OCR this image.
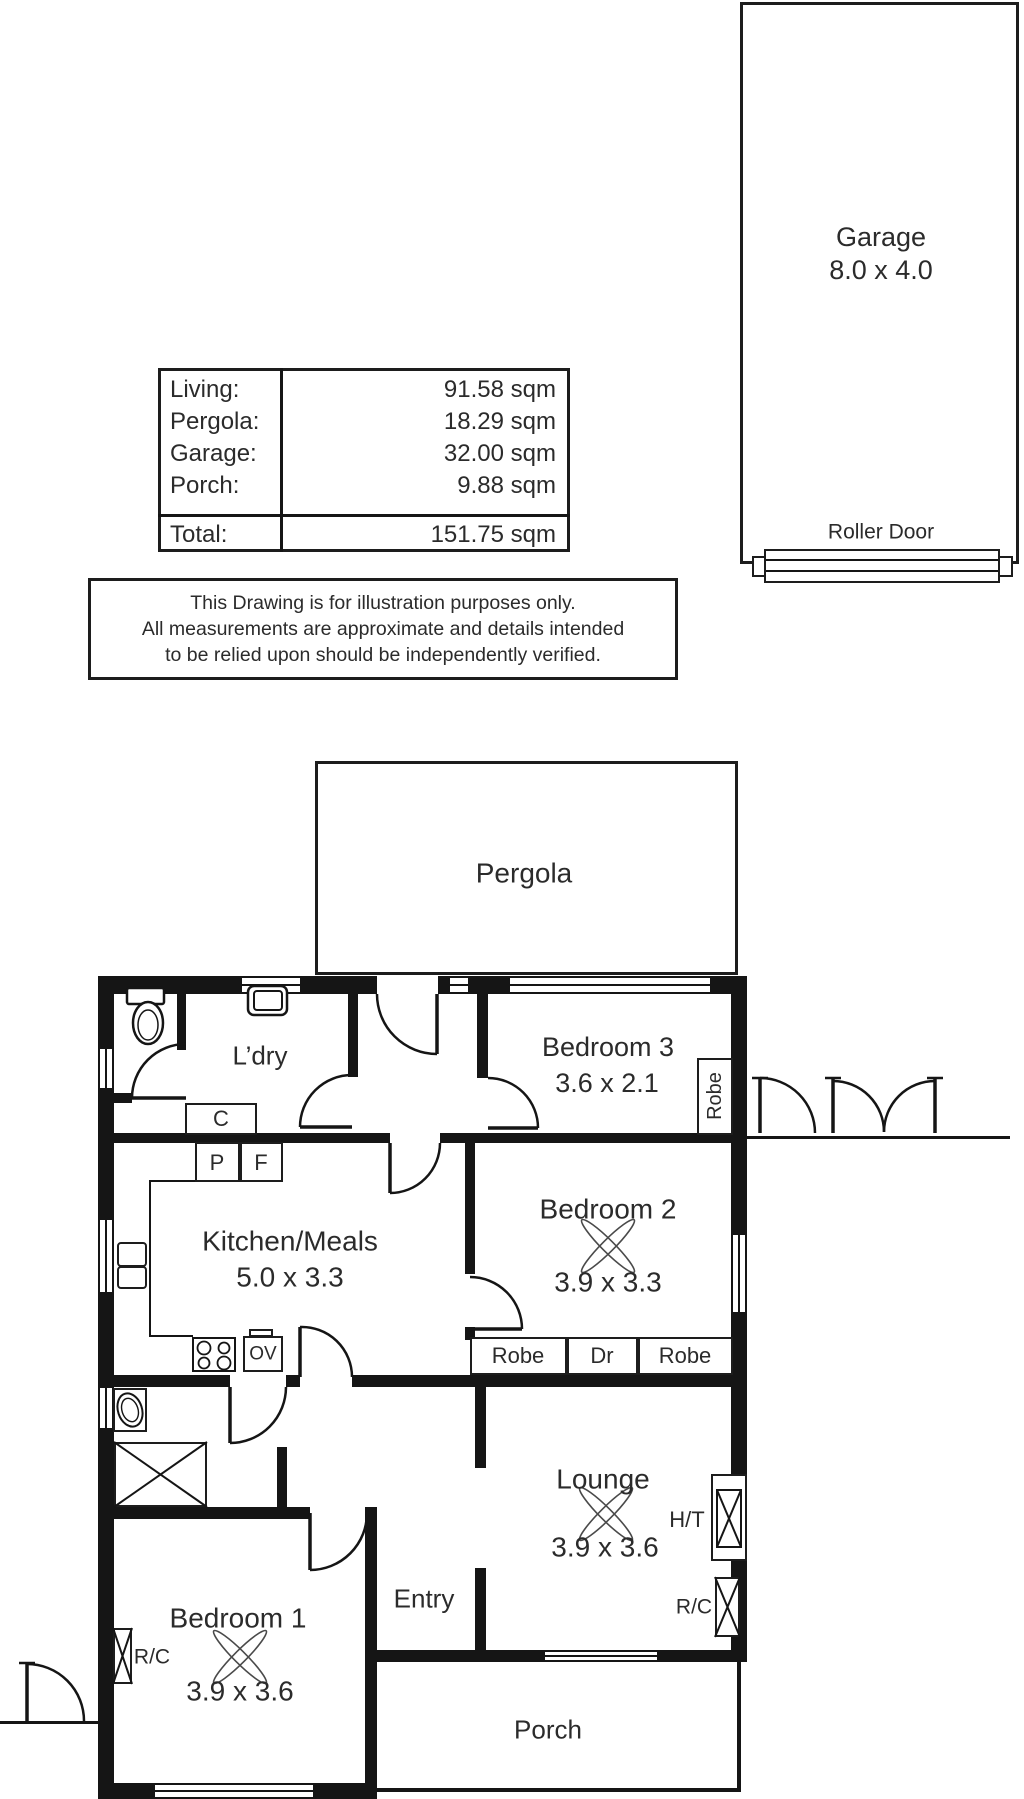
Garage
8.0 x 4.0
Roller Door
Living:	91.58 sqm
Pergola:	18.29 sqm
Garage:	32.00 sqm
Porch:	9.88 sqm
Total:	151.75 sqm
This Drawing is for illustration purposes only.
All measurements are approximate and details intended
to be relied upon should be independently verified.
Pergola
L’dry	Bedroom 3
3.6 x 2.1
Kitchen/Meals
5.0 x 3.3
Bedroom 2
3.9 x 3.3
Lounge
3.9 x 3.6
Bedroom 1
3.9 x 3.6
Entry
Porch
C
P F
OV
Robe
Robe Dr Robe
H/T
R/C
R/C
